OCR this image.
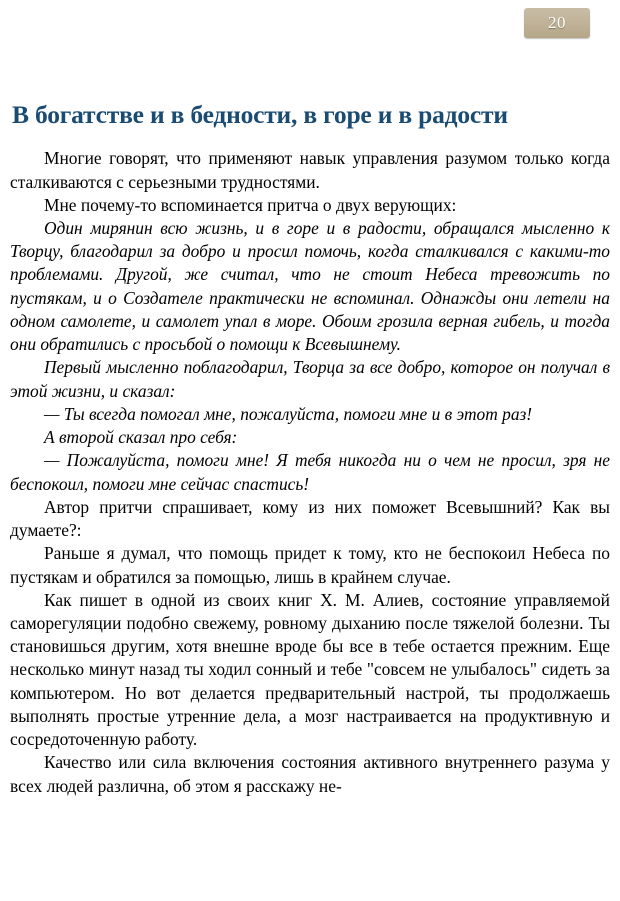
20
В богатстве и в бедности, в горе и в радости

Многие говорят, что применяют навык управления разумом только когда сталкиваются с серьезными трудностями.

Мне почему-то вспоминается притча о двух верующих:

Один мирянин всю жизнь, и в горе и в радости, обращался мысленно к Творцу, благодарил за добро и просил помочь, когда сталкивался с какими-то проблемами. Другой, же считал, что не стоит Небеса тревожить по пустякам, и о Создателе практически не вспоминал. Однажды они летели на одном самолете, и самолет упал в море. Обоим грозила верная гибель, и тогда они обратились с просьбой о помощи к Всевышнему.

Первый мысленно поблагодарил, Творца за все добро, которое он получал в этой жизни, и сказал:

— Ты всегда помогал мне, пожалуйста, помоги мне и в этот раз!

А второй сказал про себя:

— Пожалуйста, помоги мне! Я тебя никогда ни о чем не просил, зря не беспокоил, помоги мне сейчас спастись!

Автор притчи спрашивает, кому из них поможет Всевышний? Как вы думаете?:

Раньше я думал, что помощь придет к тому, кто не беспокоил Небеса по пустякам и обратился за помощью, лишь в крайнем случае.

Как пишет в одной из своих книг Х. М. Алиев, состояние управляемой саморегуляции подобно свежему, ровному дыханию после тяжелой болезни. Ты становишься другим, хотя внешне вроде бы все в тебе остается прежним. Еще несколько минут назад ты ходил сонный и тебе "совсем не улыбалось" сидеть за компьютером. Но вот делается предварительный настрой, ты продолжаешь выполнять простые утренние дела, а мозг настраивается на продуктивную и сосредоточенную работу.

Качество или сила включения состояния активного внутреннего разума у всех людей различна, об этом я расскажу не-
